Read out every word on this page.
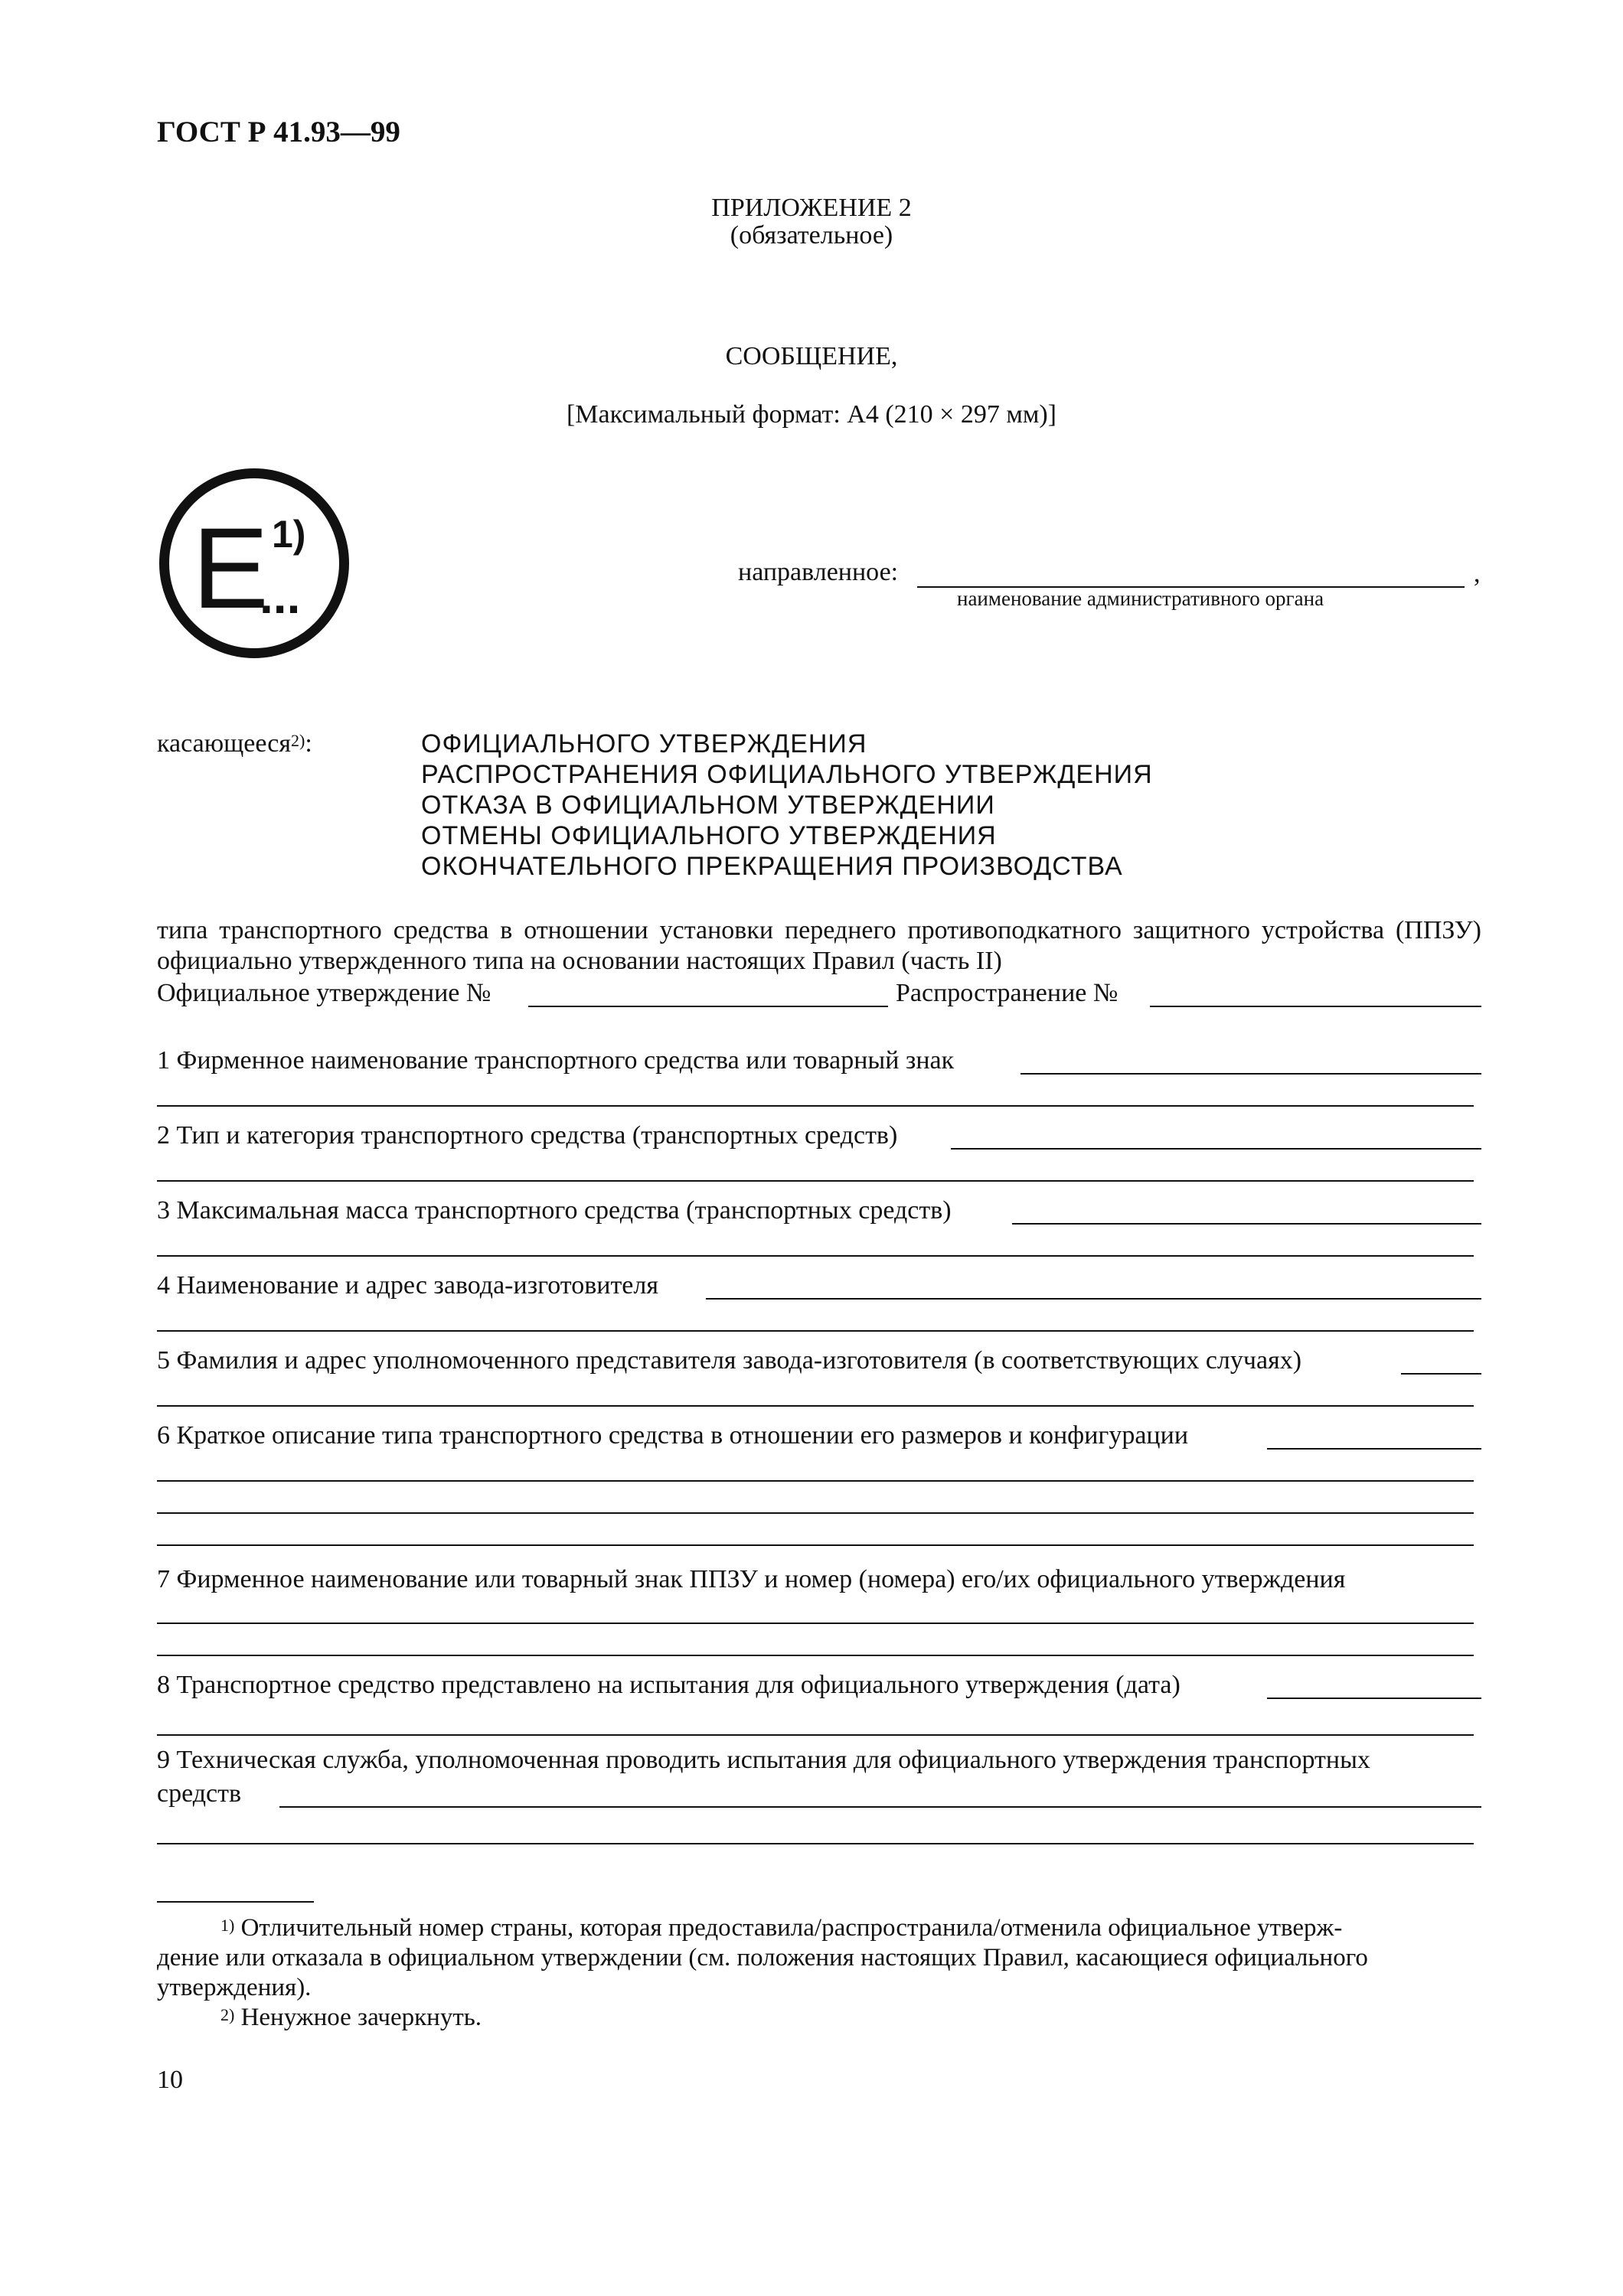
ГОСТ Р 41.93—99
ПРИЛОЖЕНИЕ 2
(обязательное)
СООБЩЕНИЕ,
[Максимальный формат: А4 (210 × 297 мм)]
E 1)
...	направленное:	,
наименование административного органа
касающееся$^{2)}$:	ОФИЦИАЛЬНОГО УТВЕРЖДЕНИЯ
РАСПРОСТРАНЕНИЯ ОФИЦИАЛЬНОГО УТВЕРЖДЕНИЯ
ОТКАЗА В ОФИЦИАЛЬНОМ УТВЕРЖДЕНИИ
ОТМЕНЫ ОФИЦИАЛЬНОГО УТВЕРЖДЕНИЯ
ОКОНЧАТЕЛЬНОГО ПРЕКРАЩЕНИЯ ПРОИЗВОДСТВА
типа транспортного средства в отношении установки переднего противоподкатного защитного устройства (ППЗУ) официально утвержденного типа на основании настоящих Правил (часть II)
Официальное утверждение №	Распространение №
1 Фирменное наименование транспортного средства или товарный знак
2 Тип и категория транспортного средства (транспортных средств)
3 Максимальная масса транспортного средства (транспортных средств)
4 Наименование и адрес завода-изготовителя
5 Фамилия и адрес уполномоченного представителя завода-изготовителя (в соответствующих случаях)
6 Краткое описание типа транспортного средства в отношении его размеров и конфигурации
7 Фирменное наименование или товарный знак ППЗУ и номер (номера) его/их официального утверждения
8 Транспортное средство представлено на испытания для официального утверждения (дата)
9 Техническая служба, уполномоченная проводить испытания для официального утверждения транспортных
средств
$^{1)}$ Отличительный номер страны, которая предоставила/распространила/отменила официальное утверж-
дение или отказала в официальном утверждении (см. положения настоящих Правил, касающиеся официального
утверждения).
$^{2)}$ Ненужное зачеркнуть.
10
